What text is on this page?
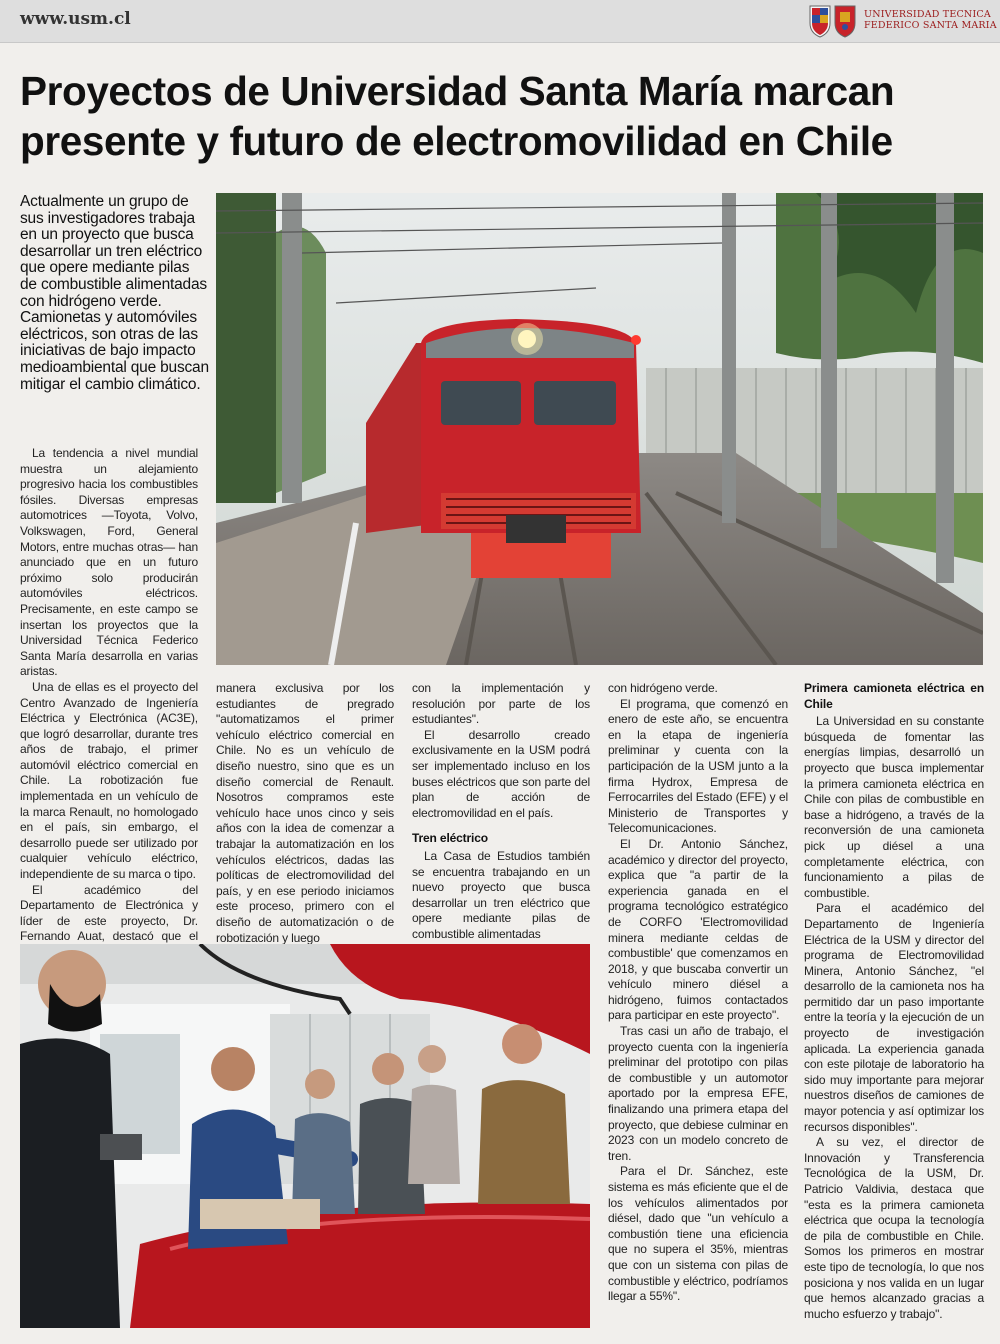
www.usm.cl	UNIVERSIDAD TECNICA
FEDERICO SANTA MARIA
Proyectos de Universidad Santa María marcan
presente y futuro de electromovilidad en Chile

Actualmente un grupo de sus investigadores trabaja en un proyecto que busca desarrollar un tren eléctrico que opere mediante pilas de combustible alimentadas con hidrógeno verde. Camionetas y automóviles eléctricos, son otras de las iniciativas de bajo impacto medioambiental que buscan mitigar el cambio climático.

La tendencia a nivel mundial muestra un alejamiento progresivo hacia los combustibles fósiles. Diversas empresas automotrices —Toyota, Volvo, Volkswagen, Ford, General Motors, entre muchas otras— han anunciado que en un futuro próximo solo producirán automóviles eléctricos. Precisamente, en este campo se insertan los proyectos que la Universidad Técnica Federico Santa María desarrolla en varias aristas.

Una de ellas es el proyecto del Centro Avanzado de Ingeniería Eléctrica y Electrónica (AC3E), que logró desarrollar, durante tres años de trabajo, el primer automóvil eléctrico comercial en Chile. La robotización fue implementada en un vehículo de la marca Renault, no homologado en el país, sin embargo, el desarrollo puede ser utilizado por cualquier vehículo eléctrico, independiente de su marca o tipo.

El académico del Departamento de Electrónica y líder de este proyecto, Dr. Fernando Auat, destacó que el

manera exclusiva por los estudiantes de pregrado "automatizamos el primer vehículo eléctrico comercial en Chile. No es un vehículo de diseño nuestro, sino que es un diseño comercial de Renault. Nosotros compramos este vehículo hace unos cinco y seis años con la idea de comenzar a trabajar la automatización en los vehículos eléctricos, dadas las políticas de electromovilidad del país, y en ese periodo iniciamos este proceso, primero con el diseño de automatización o de robotización y luego

con la implementación y resolución por parte de los estudiantes".

El desarrollo creado exclusivamente en la USM podrá ser implementado incluso en los buses eléctricos que son parte del plan de acción de electromovilidad en el país.

Tren eléctrico

La Casa de Estudios también se encuentra trabajando en un nuevo proyecto que busca desarrollar un tren eléctrico que opere mediante pilas de combustible alimentadas

con hidrógeno verde.

El programa, que comenzó en enero de este año, se encuentra en la etapa de ingeniería preliminar y cuenta con la participación de la USM junto a la firma Hydrox, Empresa de Ferrocarriles del Estado (EFE) y el Ministerio de Transportes y Telecomunicaciones.

El Dr. Antonio Sánchez, académico y director del proyecto, explica que "a partir de la experiencia ganada en el programa tecnológico estratégico de CORFO 'Electromovilidad minera mediante celdas de combustible' que comenzamos en 2018, y que buscaba convertir un vehículo minero diésel a hidrógeno, fuimos contactados para participar en este proyecto".

Tras casi un año de trabajo, el proyecto cuenta con la ingeniería preliminar del prototipo con pilas de combustible y un automotor aportado por la empresa EFE, finalizando una primera etapa del proyecto, que debiese culminar en 2023 con un modelo concreto de tren.

Para el Dr. Sánchez, este sistema es más eficiente que el de los vehículos alimentados por diésel, dado que "un vehículo a combustión tiene una eficiencia que no supera el 35%, mientras que con un sistema con pilas de combustible y eléctrico, podríamos llegar a 55%".

Primera camioneta eléctrica en Chile

La Universidad en su constante búsqueda de fomentar las energías limpias, desarrolló un proyecto que busca implementar la primera camioneta eléctrica en Chile con pilas de combustible en base a hidrógeno, a través de la reconversión de una camioneta pick up diésel a una completamente eléctrica, con funcionamiento a pilas de combustible.

Para el académico del Departamento de Ingeniería Eléctrica de la USM y director del programa de Electromovilidad Minera, Antonio Sánchez, "el desarrollo de la camioneta nos ha permitido dar un paso importante entre la teoría y la ejecución de un proyecto de investigación aplicada. La experiencia ganada con este pilotaje de laboratorio ha sido muy importante para mejorar nuestros diseños de camiones de mayor potencia y así optimizar los recursos disponibles".

A su vez, el director de Innovación y Transferencia Tecnológica de la USM, Dr. Patricio Valdivia, destaca que "esta es la primera camioneta eléctrica que ocupa la tecnología de pila de combustible en Chile. Somos los primeros en mostrar este tipo de tecnología, lo que nos posiciona y nos valida en un lugar que hemos alcanzado gracias a mucho esfuerzo y trabajo".
